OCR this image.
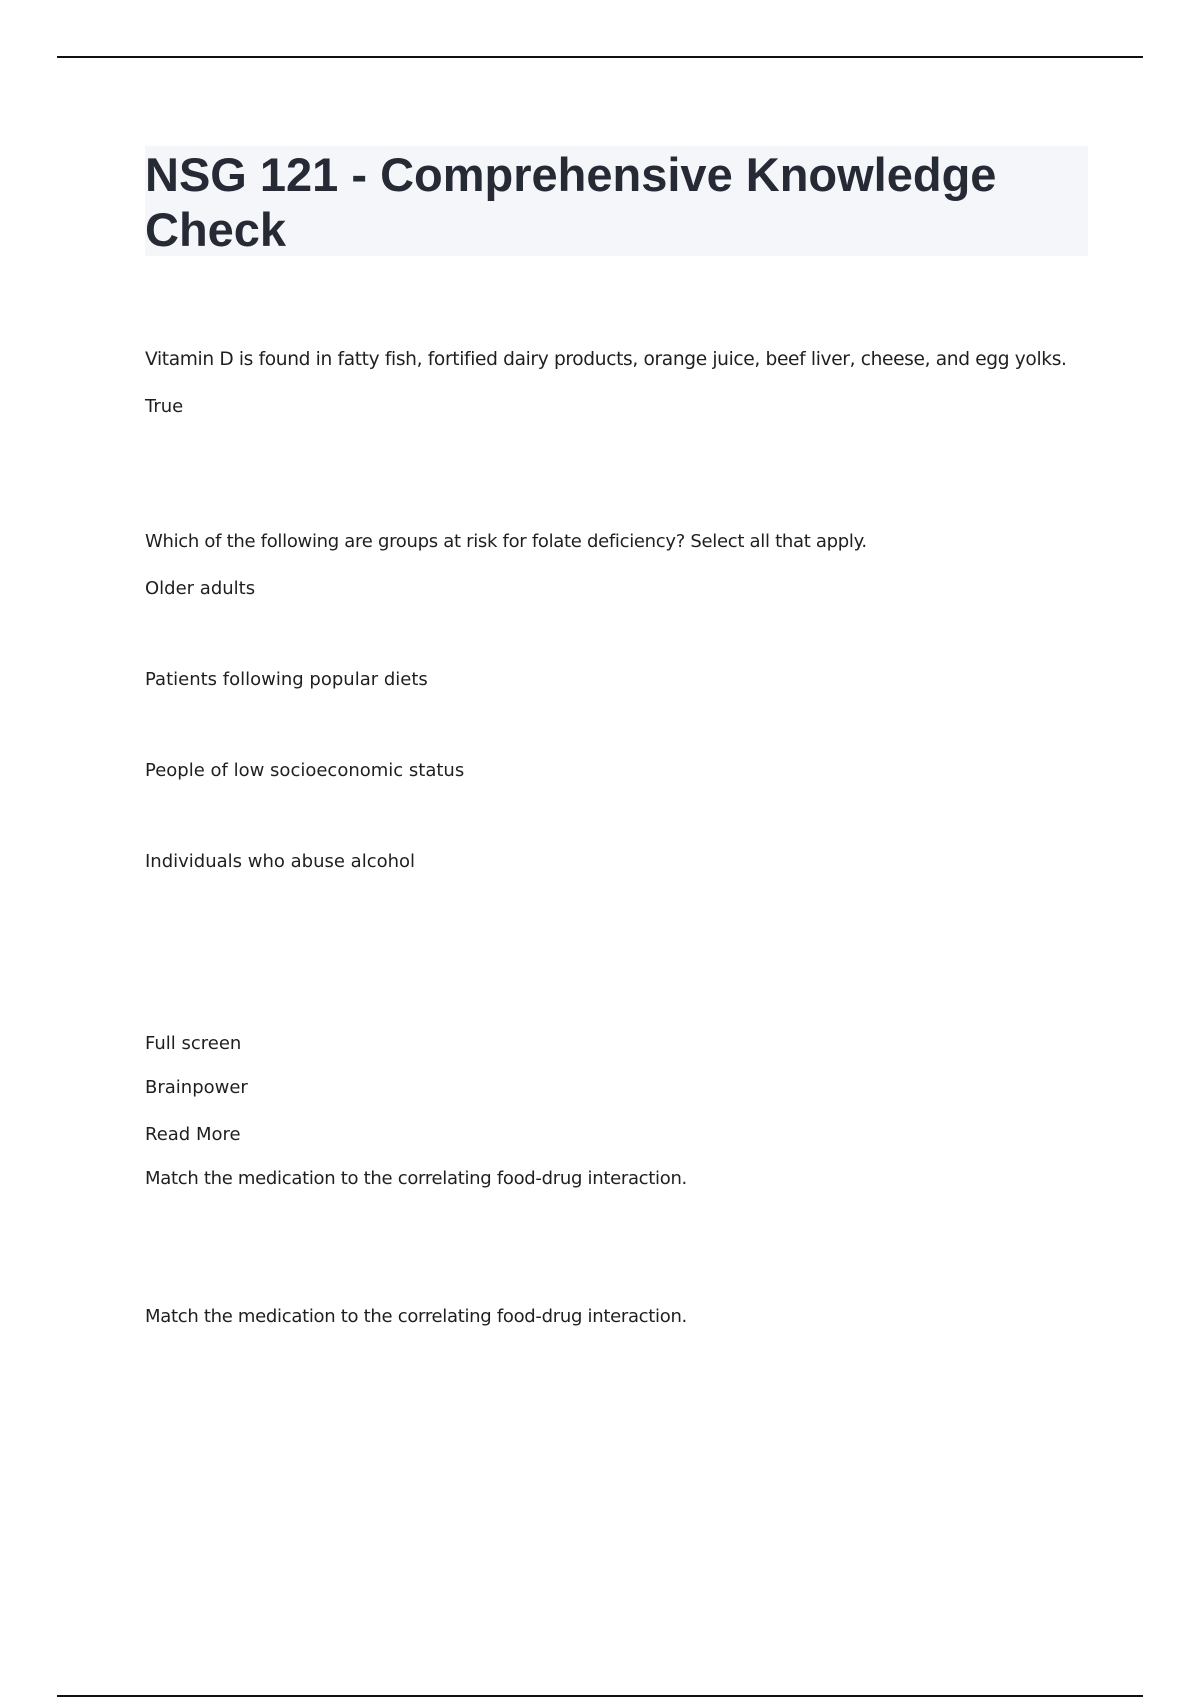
NSG 121 - Comprehensive Knowledge Check

Vitamin D is found in fatty fish, fortified dairy products, orange juice, beef liver, cheese, and egg yolks.

True

Which of the following are groups at risk for folate deficiency? Select all that apply.

Older adults

Patients following popular diets

People of low socioeconomic status

Individuals who abuse alcohol

Full screen

Brainpower

Read More

Match the medication to the correlating food-drug interaction.

Match the medication to the correlating food-drug interaction.
